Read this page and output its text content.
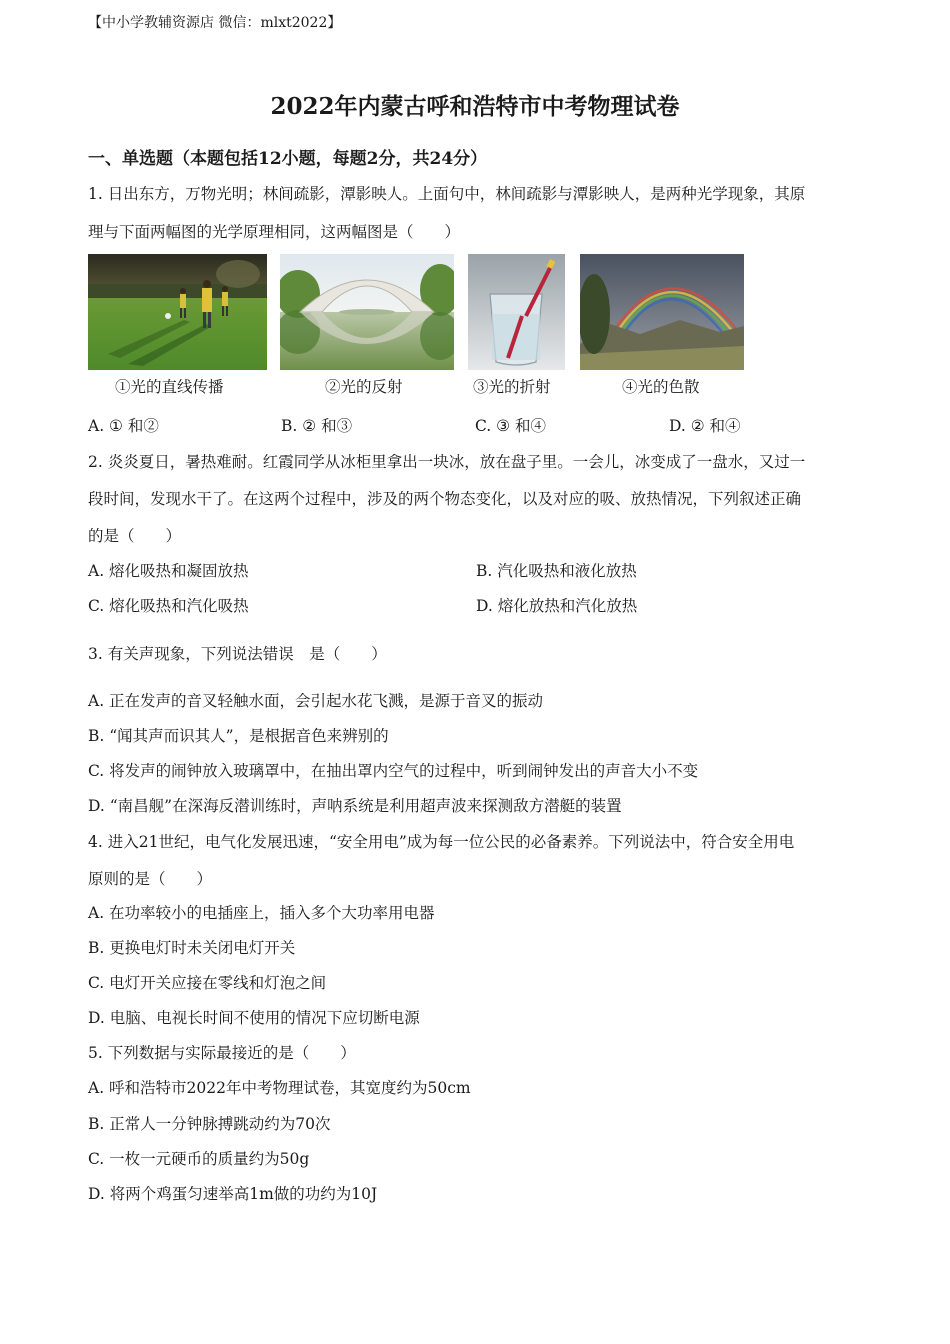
【中小学教辅资源店 微信：mlxt2022】
2022年内蒙古呼和浩特市中考物理试卷
一、单选题（本题包括12小题，每题2分，共24分）
1. 日出东方，万物光明；林间疏影，潭影映人。上面句中，林间疏影与潭影映人，是两种光学现象，其原
理与下面两幅图的光学原理相同，这两幅图是（　　）
①光的直线传播	②光的反射	③光的折射	④光的色散
A. ① 和②	B. ② 和③	C. ③ 和④	D. ② 和④
2. 炎炎夏日，暑热难耐。红霞同学从冰柜里拿出一块冰，放在盘子里。一会儿，冰变成了一盘水，又过一
段时间，发现水干了。在这两个过程中，涉及的两个物态变化，以及对应的吸、放热情况，下列叙述正确
的是（　　）
A. 熔化吸热和凝固放热	B. 汽化吸热和液化放热
C. 熔化吸热和汽化吸热	D. 熔化放热和汽化放热
3. 有关声现象，下列说法错误　是（　　）
A. 正在发声的音叉轻触水面，会引起水花飞溅，是源于音叉的振动
B. “闻其声而识其人”，是根据音色来辨别的
C. 将发声的闹钟放入玻璃罩中，在抽出罩内空气的过程中，听到闹钟发出的声音大小不变
D. “南昌舰”在深海反潜训练时，声呐系统是利用超声波来探测敌方潜艇的装置
4. 进入21世纪，电气化发展迅速，“安全用电”成为每一位公民的必备素养。下列说法中，符合安全用电
原则的是（　　）
A. 在功率较小的电插座上，插入多个大功率用电器
B. 更换电灯时未关闭电灯开关
C. 电灯开关应接在零线和灯泡之间
D. 电脑、电视长时间不使用的情况下应切断电源
5. 下列数据与实际最接近的是（　　）
A. 呼和浩特市2022年中考物理试卷，其宽度约为50cm
B. 正常人一分钟脉搏跳动约为70次
C. 一枚一元硬币的质量约为50g
D. 将两个鸡蛋匀速举高1m做的功约为10J
